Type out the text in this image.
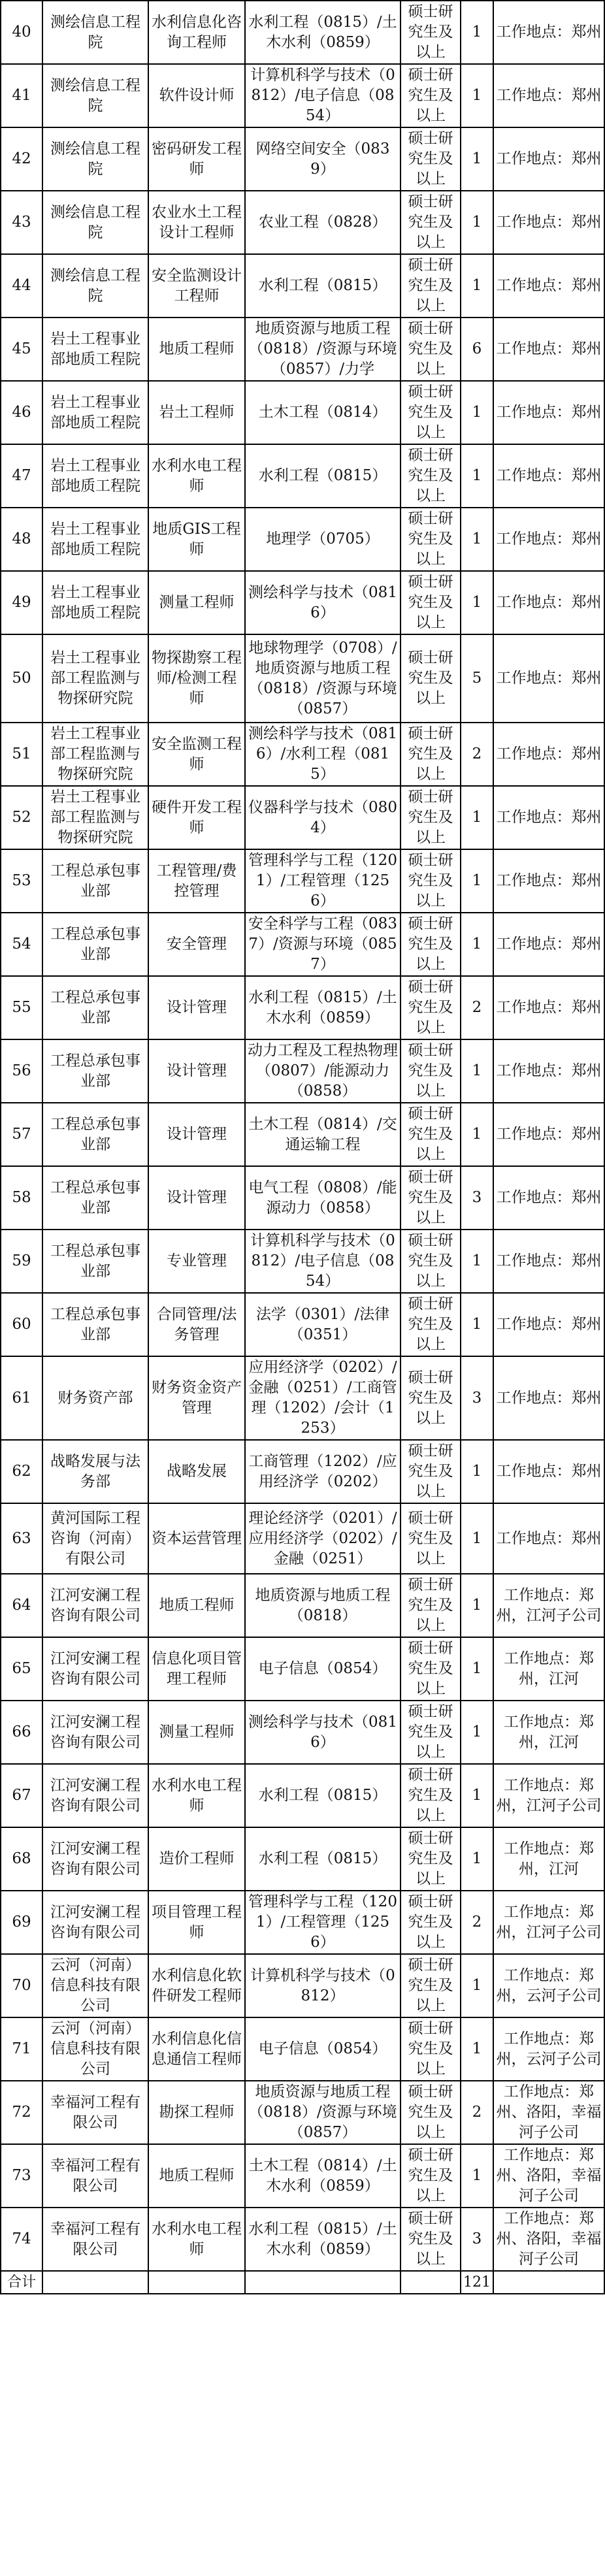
40	测绘信息工程院	水利信息化咨询工程师	水利工程（0815）/土木水利（0859）	硕士研究生及以上	1	工作地点：郑州
41	测绘信息工程院	软件设计师	计算机科学与技术（0812）/电子信息（0854）	硕士研究生及以上	1	工作地点：郑州
42	测绘信息工程院	密码研发工程师	网络空间安全（0839）	硕士研究生及以上	1	工作地点：郑州
43	测绘信息工程院	农业水土工程设计工程师	农业工程（0828）	硕士研究生及以上	1	工作地点：郑州
44	测绘信息工程院	安全监测设计工程师	水利工程（0815）	硕士研究生及以上	1	工作地点：郑州
45	岩土工程事业部地质工程院	地质工程师	地质资源与地质工程（0818）/资源与环境（0857）/力学	硕士研究生及以上	6	工作地点：郑州
46	岩土工程事业部地质工程院	岩土工程师	土木工程（0814）	硕士研究生及以上	1	工作地点：郑州
47	岩土工程事业部地质工程院	水利水电工程师	水利工程（0815）	硕士研究生及以上	1	工作地点：郑州
48	岩土工程事业部地质工程院	地质GIS工程师	地理学（0705）	硕士研究生及以上	1	工作地点：郑州
49	岩土工程事业部地质工程院	测量工程师	测绘科学与技术（0816）	硕士研究生及以上	1	工作地点：郑州
50	岩土工程事业部工程监测与物探研究院	物探勘察工程师/检测工程师	地球物理学（0708）/地质资源与地质工程（0818）/资源与环境（0857）	硕士研究生及以上	5	工作地点：郑州
51	岩土工程事业部工程监测与物探研究院	安全监测工程师	测绘科学与技术（0816）/水利工程（0815）	硕士研究生及以上	2	工作地点：郑州
52	岩土工程事业部工程监测与物探研究院	硬件开发工程师	仪器科学与技术（0804）	硕士研究生及以上	1	工作地点：郑州
53	工程总承包事业部	工程管理/费控管理	管理科学与工程（1201）/工程管理（1256）	硕士研究生及以上	1	工作地点：郑州
54	工程总承包事业部	安全管理	安全科学与工程（0837）/资源与环境（0857）	硕士研究生及以上	1	工作地点：郑州
55	工程总承包事业部	设计管理	水利工程（0815）/土木水利（0859）	硕士研究生及以上	2	工作地点：郑州
56	工程总承包事业部	设计管理	动力工程及工程热物理（0807）/能源动力（0858）	硕士研究生及以上	1	工作地点：郑州
57	工程总承包事业部	设计管理	土木工程（0814）/交通运输工程	硕士研究生及以上	1	工作地点：郑州
58	工程总承包事业部	设计管理	电气工程（0808）/能源动力（0858）	硕士研究生及以上	3	工作地点：郑州
59	工程总承包事业部	专业管理	计算机科学与技术（0812）/电子信息（0854）	硕士研究生及以上	1	工作地点：郑州
60	工程总承包事业部	合同管理/法务管理	法学（0301）/法律（0351）	硕士研究生及以上	1	工作地点：郑州
61	财务资产部	财务资金资产管理	应用经济学（0202）/金融（0251）/工商管理（1202）/会计（1253）	硕士研究生及以上	3	工作地点：郑州
62	战略发展与法务部	战略发展	工商管理（1202）/应用经济学（0202）	硕士研究生及以上	1	工作地点：郑州
63	黄河国际工程咨询（河南）有限公司	资本运营管理	理论经济学（0201）/应用经济学（0202）/金融（0251）	硕士研究生及以上	1	工作地点：郑州
64	江河安澜工程咨询有限公司	地质工程师	地质资源与地质工程（0818）	硕士研究生及以上	1	工作地点：郑州，江河子公司
65	江河安澜工程咨询有限公司	信息化项目管理工程师	电子信息（0854）	硕士研究生及以上	1	工作地点：郑州，江河
66	江河安澜工程咨询有限公司	测量工程师	测绘科学与技术（0816）	硕士研究生及以上	1	工作地点：郑州，江河
67	江河安澜工程咨询有限公司	水利水电工程师	水利工程（0815）	硕士研究生及以上	1	工作地点：郑州，江河子公司
68	江河安澜工程咨询有限公司	造价工程师	水利工程（0815）	硕士研究生及以上	1	工作地点：郑州，江河
69	江河安澜工程咨询有限公司	项目管理工程师	管理科学与工程（1201）/工程管理（1256）	硕士研究生及以上	2	工作地点：郑州，江河子公司
70	云河（河南）信息科技有限公司	水利信息化软件研发工程师	计算机科学与技术（0812）	硕士研究生及以上	1	工作地点：郑州，云河子公司
71	云河（河南）信息科技有限公司	水利信息化信息通信工程师	电子信息（0854）	硕士研究生及以上	1	工作地点：郑州，云河子公司
72	幸福河工程有限公司	勘探工程师	地质资源与地质工程（0818）/资源与环境（0857）	硕士研究生及以上	2	工作地点：郑州、洛阳，幸福河子公司
73	幸福河工程有限公司	地质工程师	土木工程（0814）/土木水利（0859）	硕士研究生及以上	1	工作地点：郑州、洛阳，幸福河子公司
74	幸福河工程有限公司	水利水电工程师	水利工程（0815）/土木水利（0859）	硕士研究生及以上	3	工作地点：郑州、洛阳，幸福河子公司
合计					121	
